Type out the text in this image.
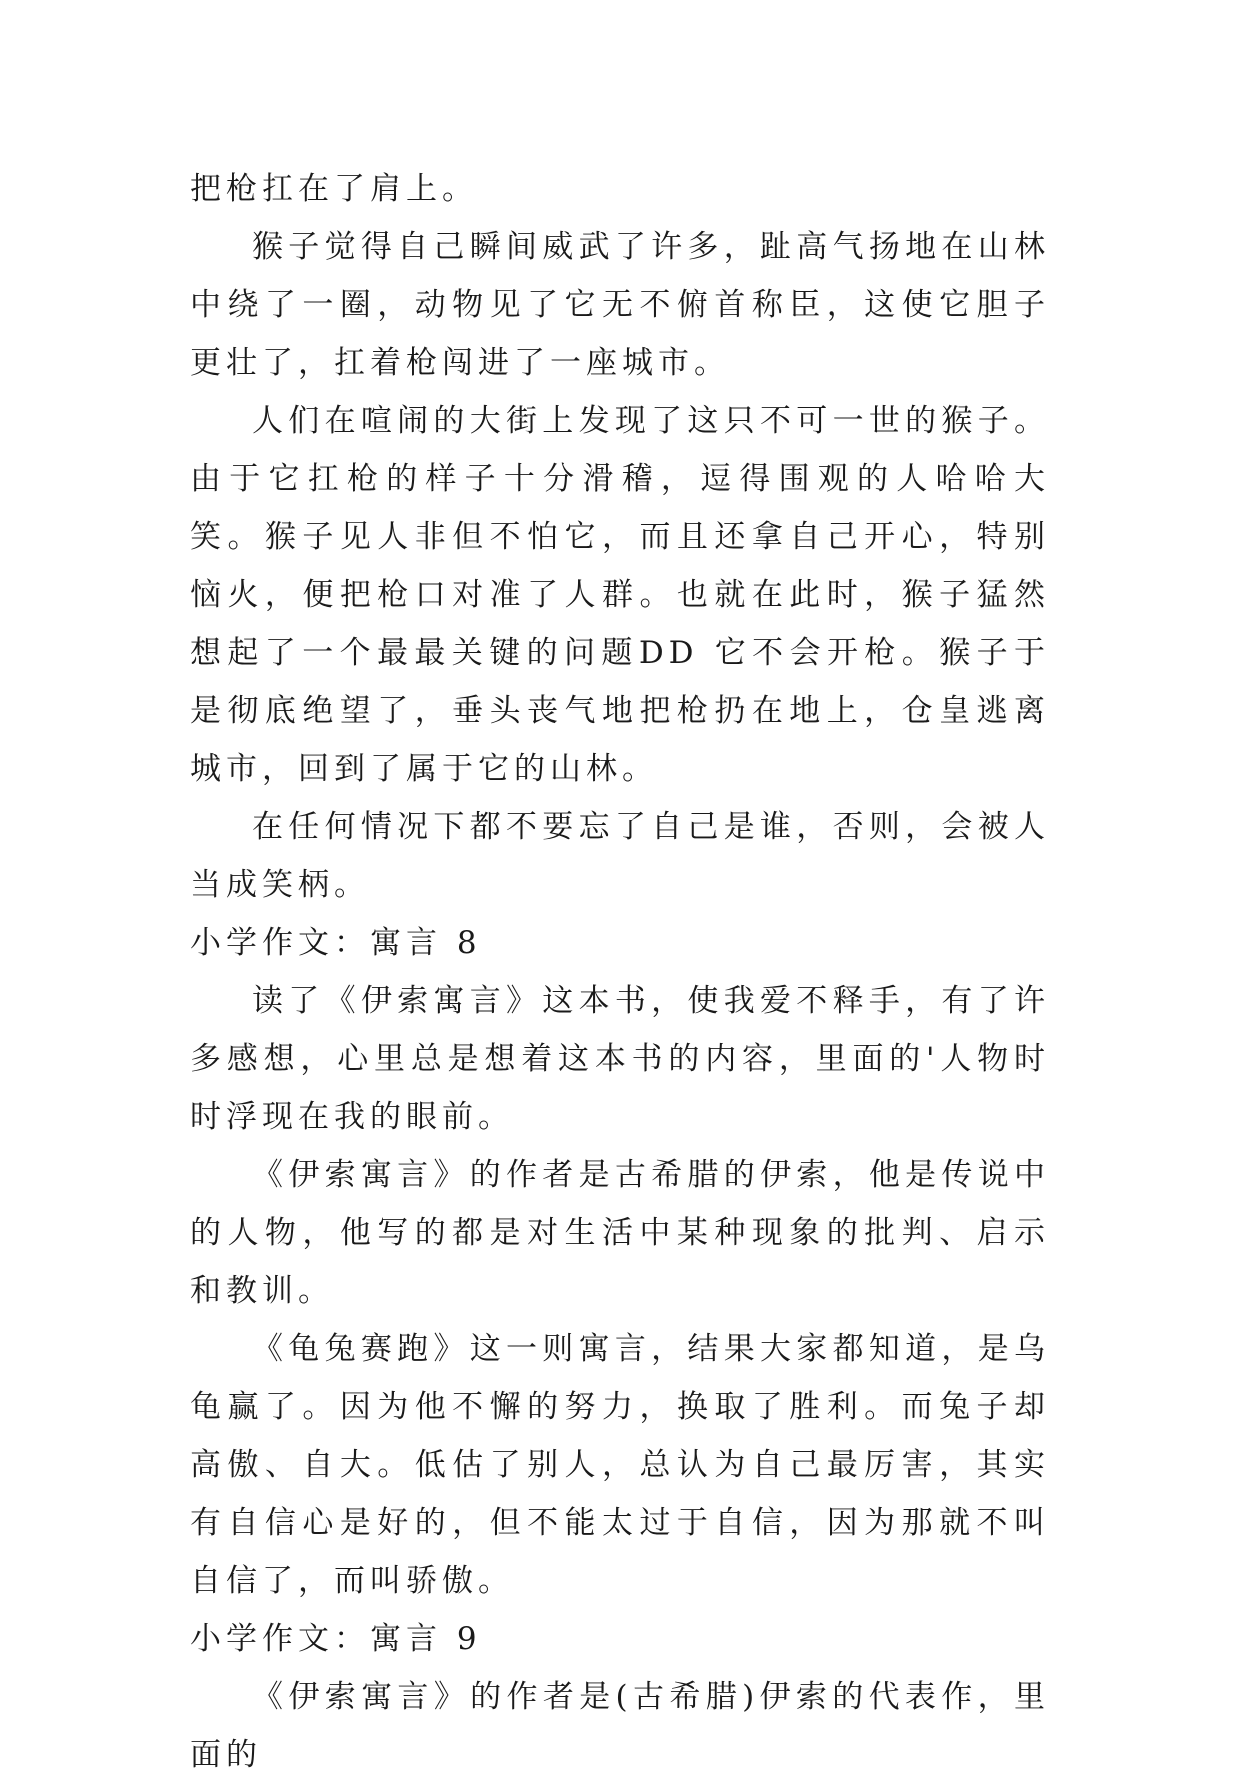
把枪扛在了肩上。

猴子觉得自己瞬间威武了许多，趾高气扬地在山林中绕了一圈，动物见了它无不俯首称臣，这使它胆子更壮了，扛着枪闯进了一座城市。

人们在喧闹的大街上发现了这只不可一世的猴子。由于它扛枪的样子十分滑稽，逗得围观的人哈哈大笑。猴子见人非但不怕它，而且还拿自己开心，特别恼火，便把枪口对准了人群。也就在此时，猴子猛然想起了一个最最关键的问题DD 它不会开枪。猴子于是彻底绝望了，垂头丧气地把枪扔在地上，仓皇逃离城市，回到了属于它的山林。

在任何情况下都不要忘了自己是谁，否则，会被人当成笑柄。

小学作文：寓言 8

读了《伊索寓言》这本书，使我爱不释手，有了许多感想，心里总是想着这本书的内容，里面的'人物时时浮现在我的眼前。

《伊索寓言》的作者是古希腊的伊索，他是传说中的人物，他写的都是对生活中某种现象的批判、启示和教训。

《龟兔赛跑》这一则寓言，结果大家都知道，是乌龟赢了。因为他不懈的努力，换取了胜利。而兔子却高傲、自大。低估了别人，总认为自己最厉害，其实有自信心是好的，但不能太过于自信，因为那就不叫自信了，而叫骄傲。

小学作文：寓言 9

《伊索寓言》的作者是(古希腊)伊索的代表作，里面的
